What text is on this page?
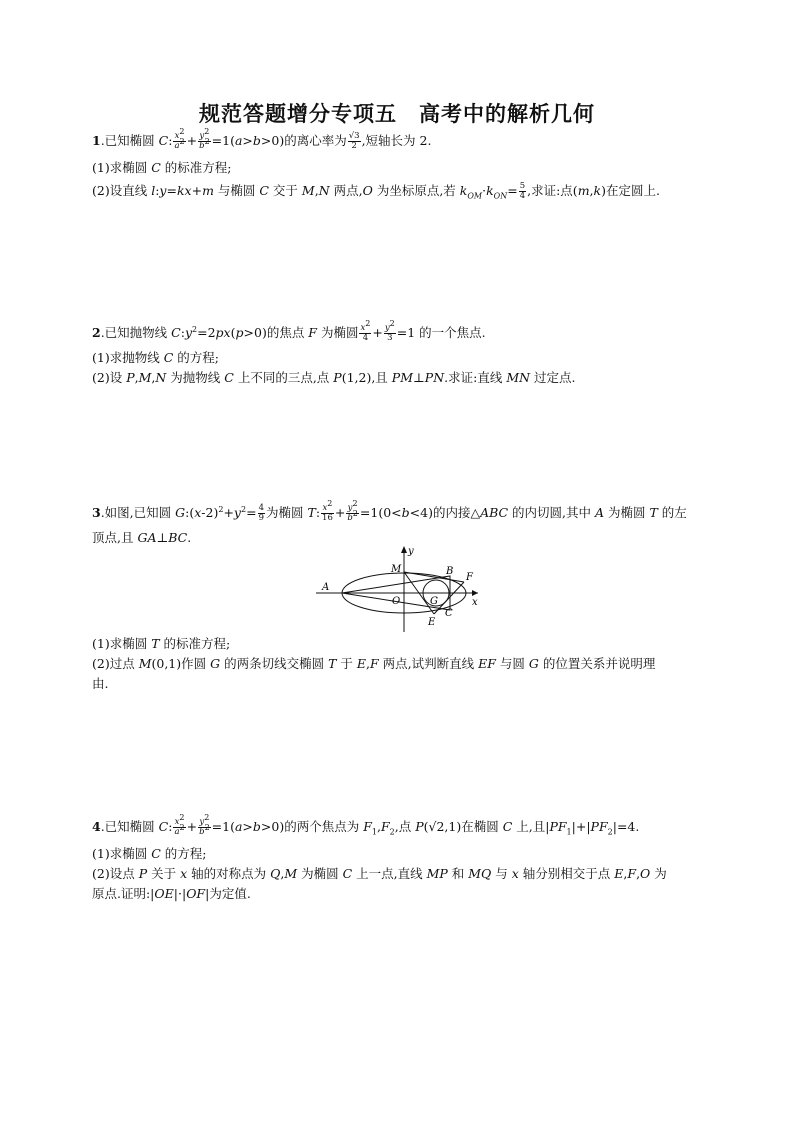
规范答题增分专项五　高考中的解析几何
1.已知椭圆 C: $\frac{x^2}{a^2} + \frac{y^2}{b^2} =1(a>b>0)$的离心率为 $\frac{√3}{2}$ ,短轴长为 2.
(1)求椭圆 C 的标准方程;
(2)设直线 l:y=kx+m 与椭圆 C 交于 M,N 两点,O 为坐标原点,若 $k_{OM}\cdot k_{ON}= \frac{5}{4}$ ,求证:点(m,k)在定圆上.
2.已知抛物线 $C:y^2=2px(p>0)$的焦点 F 为椭圆 $\frac{x^2}{4} + \frac{y^2}{3} =1$ 的一个焦点.
(1)求抛物线 C 的方程;
(2)设 P,M,N 为抛物线 C 上不同的三点,点 P(1,2),且 PM⊥PN.求证:直线 MN 过定点.
3.如图,已知圆 $G:(x-2)^2+y^2= \frac{4}{9}$ 为椭圆 T: $\frac{x^2}{16} + \frac{y^2}{b^2} =1(0<b<4)$的内接△ABC 的内切圆,其中 A 为椭圆 T 的左
顶点,且 GA⊥BC.
y
M	B
F
A
O	G
C
E
x
(1)求椭圆 T 的标准方程;
(2)过点 M(0,1)作圆 G 的两条切线交椭圆 T 于 E,F 两点,试判断直线 EF 与圆 G 的位置关系并说明理
由.
4.已知椭圆 C: $\frac{x^2}{a^2} + \frac{y^2}{b^2} =1(a>b>0)$的两个焦点为 $F_1,F_2$,点 P(√2,1)在椭圆 C 上,且$|PF_1|+|PF_2|=4$.
(1)求椭圆 C 的方程;
(2)设点 P 关于 x 轴的对称点为 Q,M 为椭圆 C 上一点,直线 MP 和 MQ 与 x 轴分别相交于点 E,F,O 为
原点.证明:|OE|·|OF|为定值.
